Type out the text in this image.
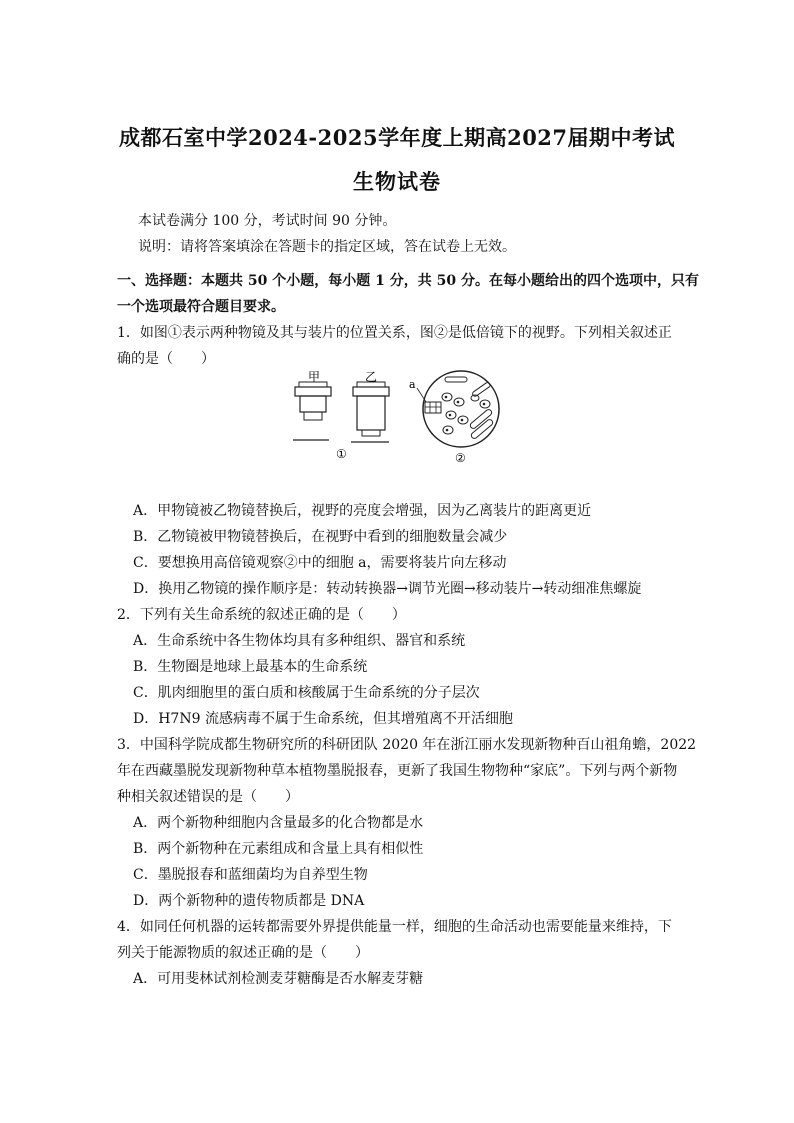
成都石室中学2024-2025学年度上期高2027届期中考试
生物试卷
本试卷满分 100 分，考试时间 90 分钟。
说明：请将答案填涂在答题卡的指定区域，答在试卷上无效。
一、选择题：本题共 50 个小题，每小题 1 分，共 50 分。在每小题给出的四个选项中，只有
一个选项最符合题目要求。
1．如图①表示两种物镜及其与装片的位置关系，图②是低倍镜下的视野。下列相关叙述正
确的是（　　）
甲	乙
①
a
②
A．甲物镜被乙物镜替换后，视野的亮度会增强，因为乙离装片的距离更近
B．乙物镜被甲物镜替换后，在视野中看到的细胞数量会减少
C．要想换用高倍镜观察②中的细胞 a，需要将装片向左移动
D．换用乙物镜的操作顺序是：转动转换器→调节光圈→移动装片→转动细准焦螺旋
2．下列有关生命系统的叙述正确的是（　　）
A．生命系统中各生物体均具有多种组织、器官和系统
B．生物圈是地球上最基本的生命系统
C．肌肉细胞里的蛋白质和核酸属于生命系统的分子层次
D．H7N9 流感病毒不属于生命系统，但其增殖离不开活细胞
3．中国科学院成都生物研究所的科研团队 2020 年在浙江丽水发现新物种百山祖角蟾，2022
年在西藏墨脱发现新物种草本植物墨脱报春，更新了我国生物物种“家底”。下列与两个新物
种相关叙述错误的是（　　）
A．两个新物种细胞内含量最多的化合物都是水
B．两个新物种在元素组成和含量上具有相似性
C．墨脱报春和蓝细菌均为自养型生物
D．两个新物种的遗传物质都是 DNA
4．如同任何机器的运转都需要外界提供能量一样，细胞的生命活动也需要能量来维持，下
列关于能源物质的叙述正确的是（　　）
A．可用斐林试剂检测麦芽糖酶是否水解麦芽糖
